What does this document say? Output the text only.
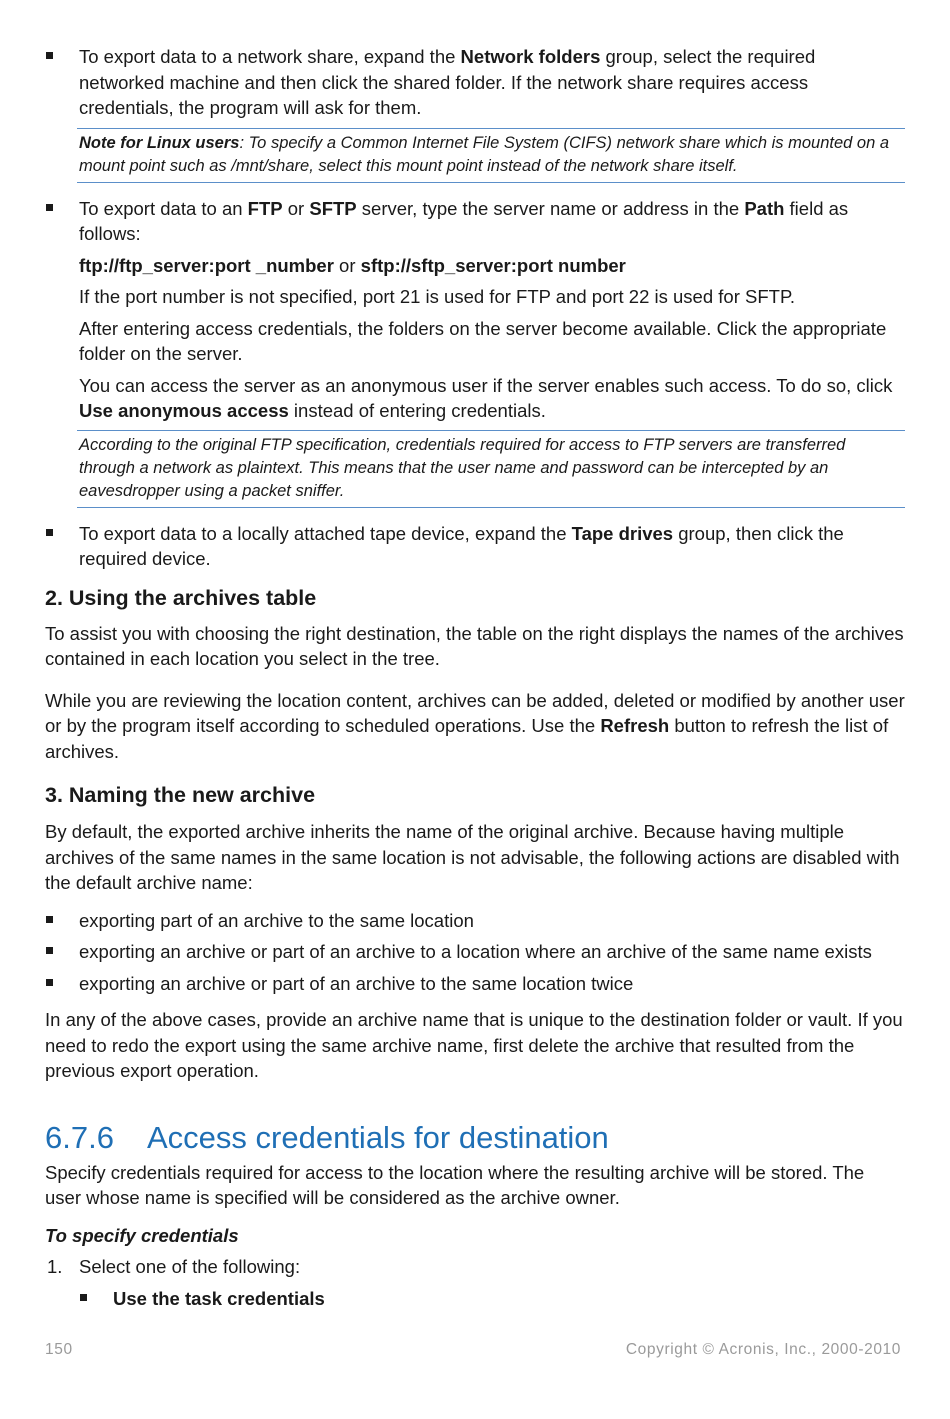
To export data to a network share, expand the Network folders group, select the required networked machine and then click the shared folder. If the network share requires access credentials, the program will ask for them.
Note for Linux users: To specify a Common Internet File System (CIFS) network share which is mounted on a mount point such as /mnt/share, select this mount point instead of the network share itself.
To export data to an FTP or SFTP server, type the server name or address in the Path field as follows:

ftp://ftp_server:port _number or sftp://sftp_server:port number

If the port number is not specified, port 21 is used for FTP and port 22 is used for SFTP.

After entering access credentials, the folders on the server become available. Click the appropriate folder on the server.

You can access the server as an anonymous user if the server enables such access. To do so, click Use anonymous access instead of entering credentials.

According to the original FTP specification, credentials required for access to FTP servers are transferred through a network as plaintext. This means that the user name and password can be intercepted by an eavesdropper using a packet sniffer.
To export data to a locally attached tape device, expand the Tape drives group, then click the required device.
2. Using the archives table

To assist you with choosing the right destination, the table on the right displays the names of the archives contained in each location you select in the tree.

While you are reviewing the location content, archives can be added, deleted or modified by another user or by the program itself according to scheduled operations. Use the Refresh button to refresh the list of archives.

3. Naming the new archive

By default, the exported archive inherits the name of the original archive. Because having multiple archives of the same names in the same location is not advisable, the following actions are disabled with the default archive name:

exporting part of an archive to the same location
exporting an archive or part of an archive to a location where an archive of the same name exists
exporting an archive or part of an archive to the same location twice

In any of the above cases, provide an archive name that is unique to the destination folder or vault. If you need to redo the export using the same archive name, first delete the archive that resulted from the previous export operation.

6.7.6 Access credentials for destination

Specify credentials required for access to the location where the resulting archive will be stored. The user whose name is specified will be considered as the archive owner.

To specify credentials

1. Select one of the following:
Use the task credentials
150	Copyright © Acronis, Inc., 2000-2010
